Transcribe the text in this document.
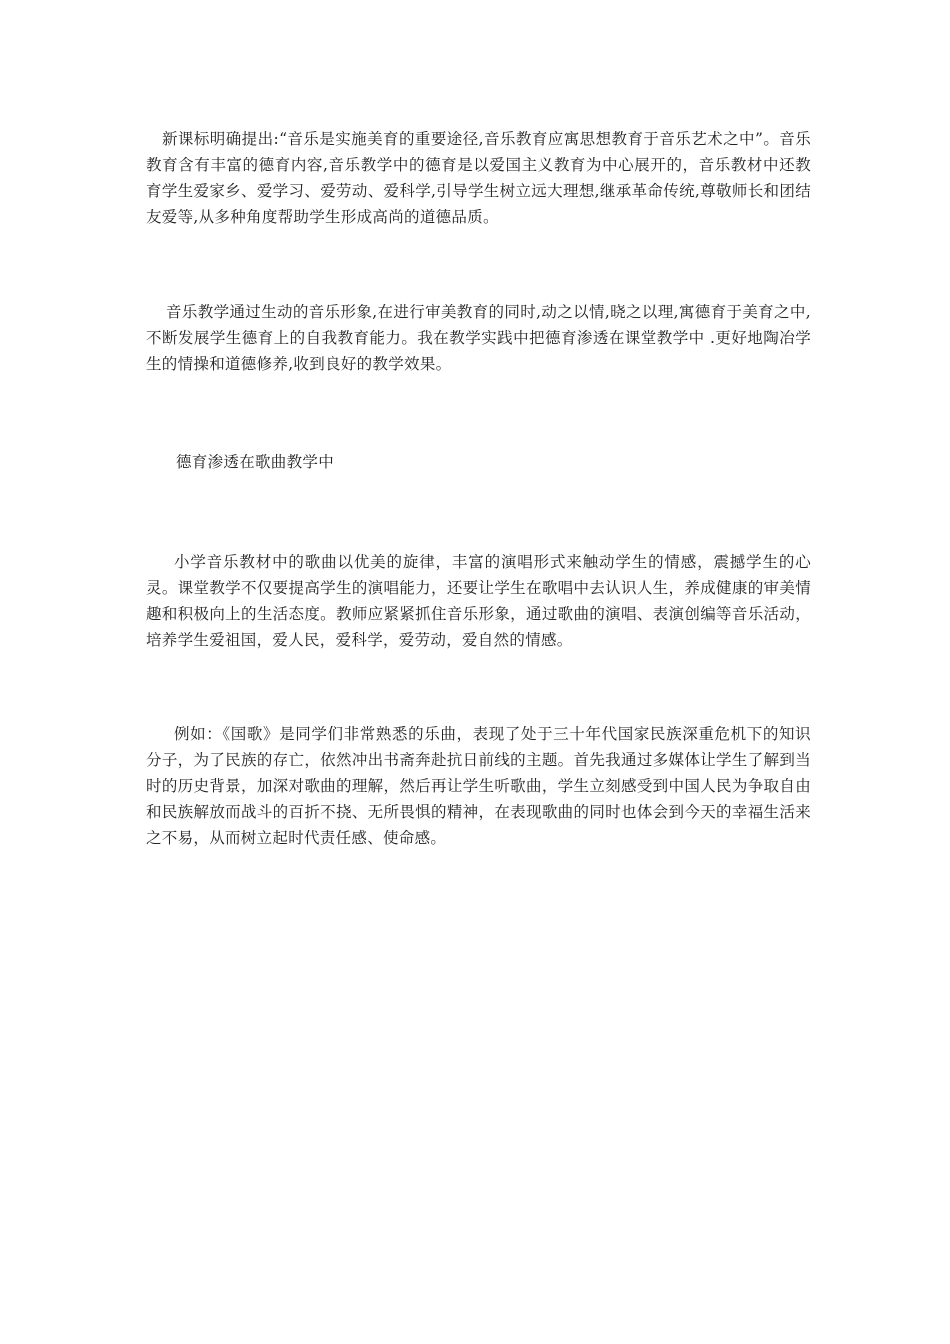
新课标明确提出:“音乐是实施美育的重要途径,音乐教育应寓思想教育于音乐艺术之中”。音乐教育含有丰富的德育内容,音乐教学中的德育是以爱国主义教育为中心展开的，音乐教材中还教育学生爱家乡、爱学习、爱劳动、爱科学,引导学生树立远大理想,继承革命传统,尊敬师长和团结友爱等,从多种角度帮助学生形成高尚的道德品质。

音乐教学通过生动的音乐形象,在进行审美教育的同时,动之以情,晓之以理,寓德育于美育之中,不断发展学生德育上的自我教育能力。我在教学实践中把德育渗透在课堂教学中 .更好地陶冶学生的情操和道德修养,收到良好的教学效果。

德育渗透在歌曲教学中

小学音乐教材中的歌曲以优美的旋律，丰富的演唱形式来触动学生的情感，震撼学生的心灵。课堂教学不仅要提高学生的演唱能力，还要让学生在歌唱中去认识人生，养成健康的审美情趣和积极向上的生活态度。教师应紧紧抓住音乐形象，通过歌曲的演唱、表演创编等音乐活动，培养学生爱祖国，爱人民，爱科学，爱劳动，爱自然的情感。

例如：《国歌》是同学们非常熟悉的乐曲，表现了处于三十年代国家民族深重危机下的知识分子，为了民族的存亡，依然冲出书斋奔赴抗日前线的主题。首先我通过多媒体让学生了解到当时的历史背景，加深对歌曲的理解，然后再让学生听歌曲，学生立刻感受到中国人民为争取自由和民族解放而战斗的百折不挠、无所畏惧的精神，在表现歌曲的同时也体会到今天的幸福生活来之不易，从而树立起时代责任感、使命感。
